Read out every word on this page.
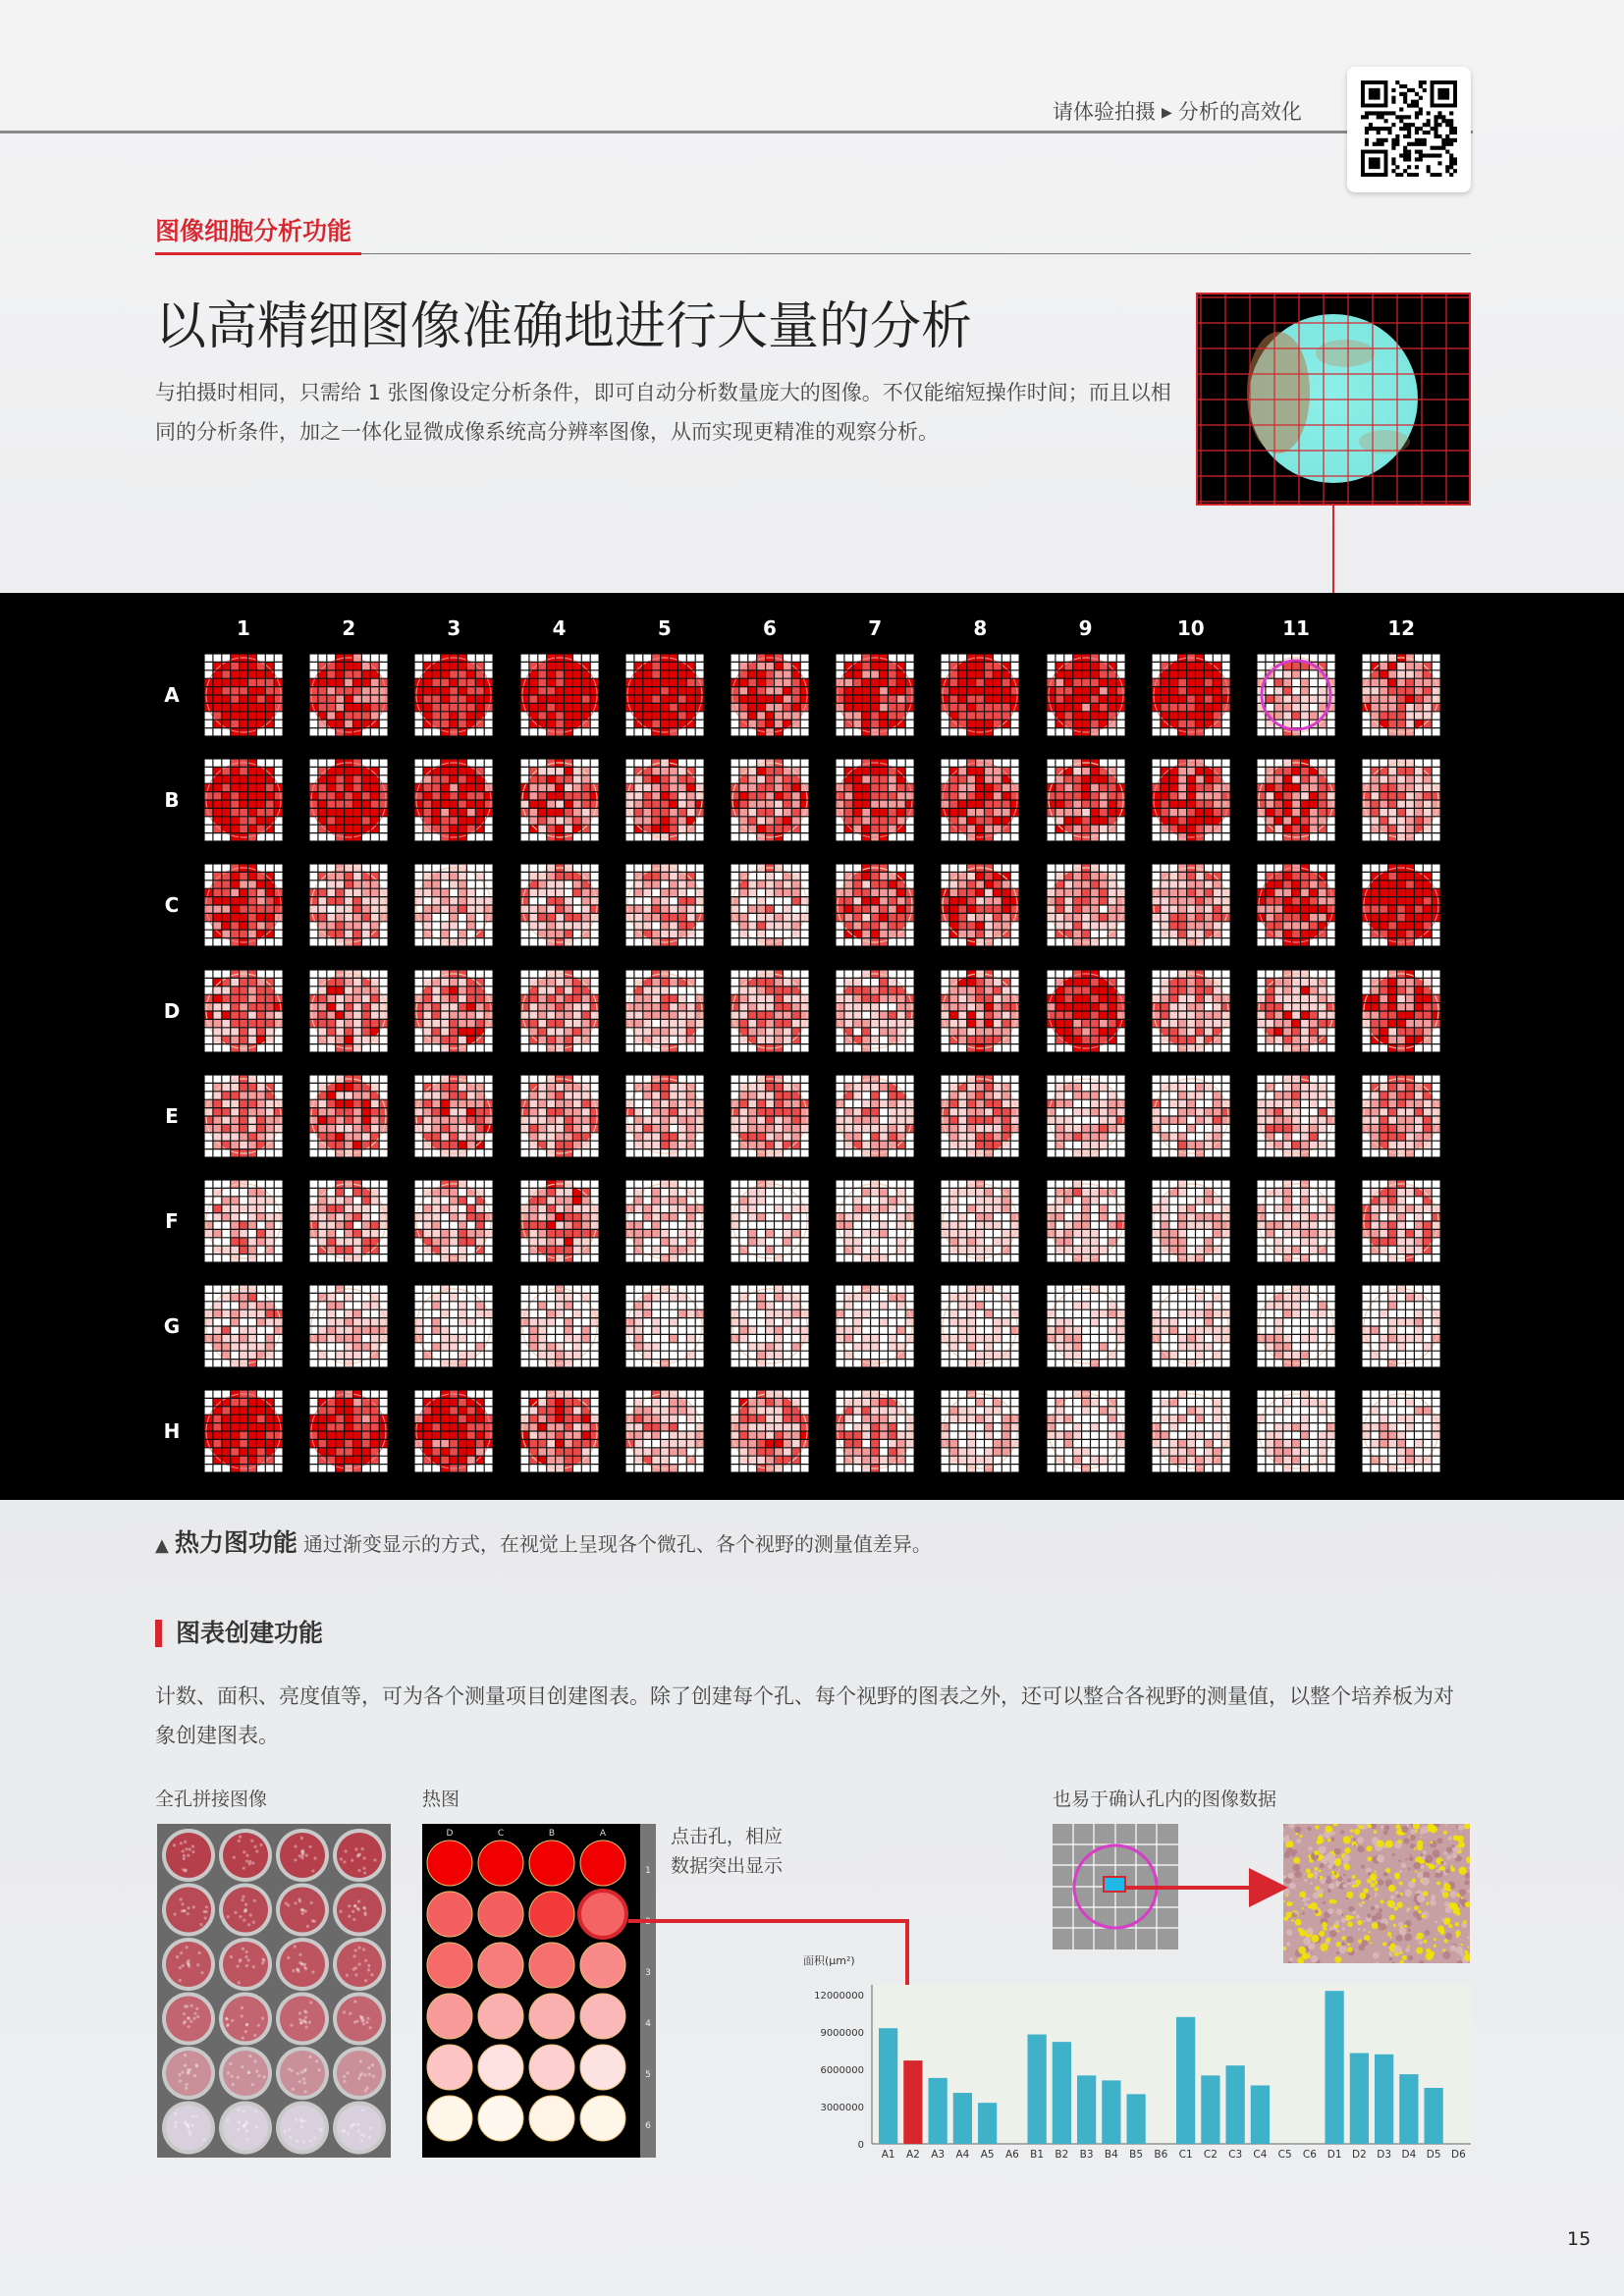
请体验拍摄 ▶ 分析的高效化
图像细胞分析功能
以高精细图像准确地进行大量的分析
与拍摄时相同，只需给 1 张图像设定分析条件，即可自动分析数量庞大的图像。不仅能缩短操作时间；而且以相同的分析条件，加之一体化显微成像系统高分辨率图像，从而实现更精准的观察分析。
1	2	3	4	5	6	7	8	9	10	11	12
A
B
C
D
E
F
G
H
▲ 热力图功能 通过渐变显示的方式，在视觉上呈现各个微孔、各个视野的测量值差异。
图表创建功能
计数、面积、亮度值等，可为各个测量项目创建图表。除了创建每个孔、每个视野的图表之外，还可以整合各视野的测量值，以整个培养板为对象创建图表。
全孔拼接图像	热图	也易于确认孔内的图像数据
D	C	B	A
1
2
3
4
5
6
点击孔，相应
数据突出显示
面积(μm²)
0
3000000
6000000
9000000
12000000
A1 A2 A3 A4 A5 A6 B1 B2 B3 B4 B5 B6 C1 C2 C3 C4 C5 C6 D1 D2 D3 D4 D5 D6
15
